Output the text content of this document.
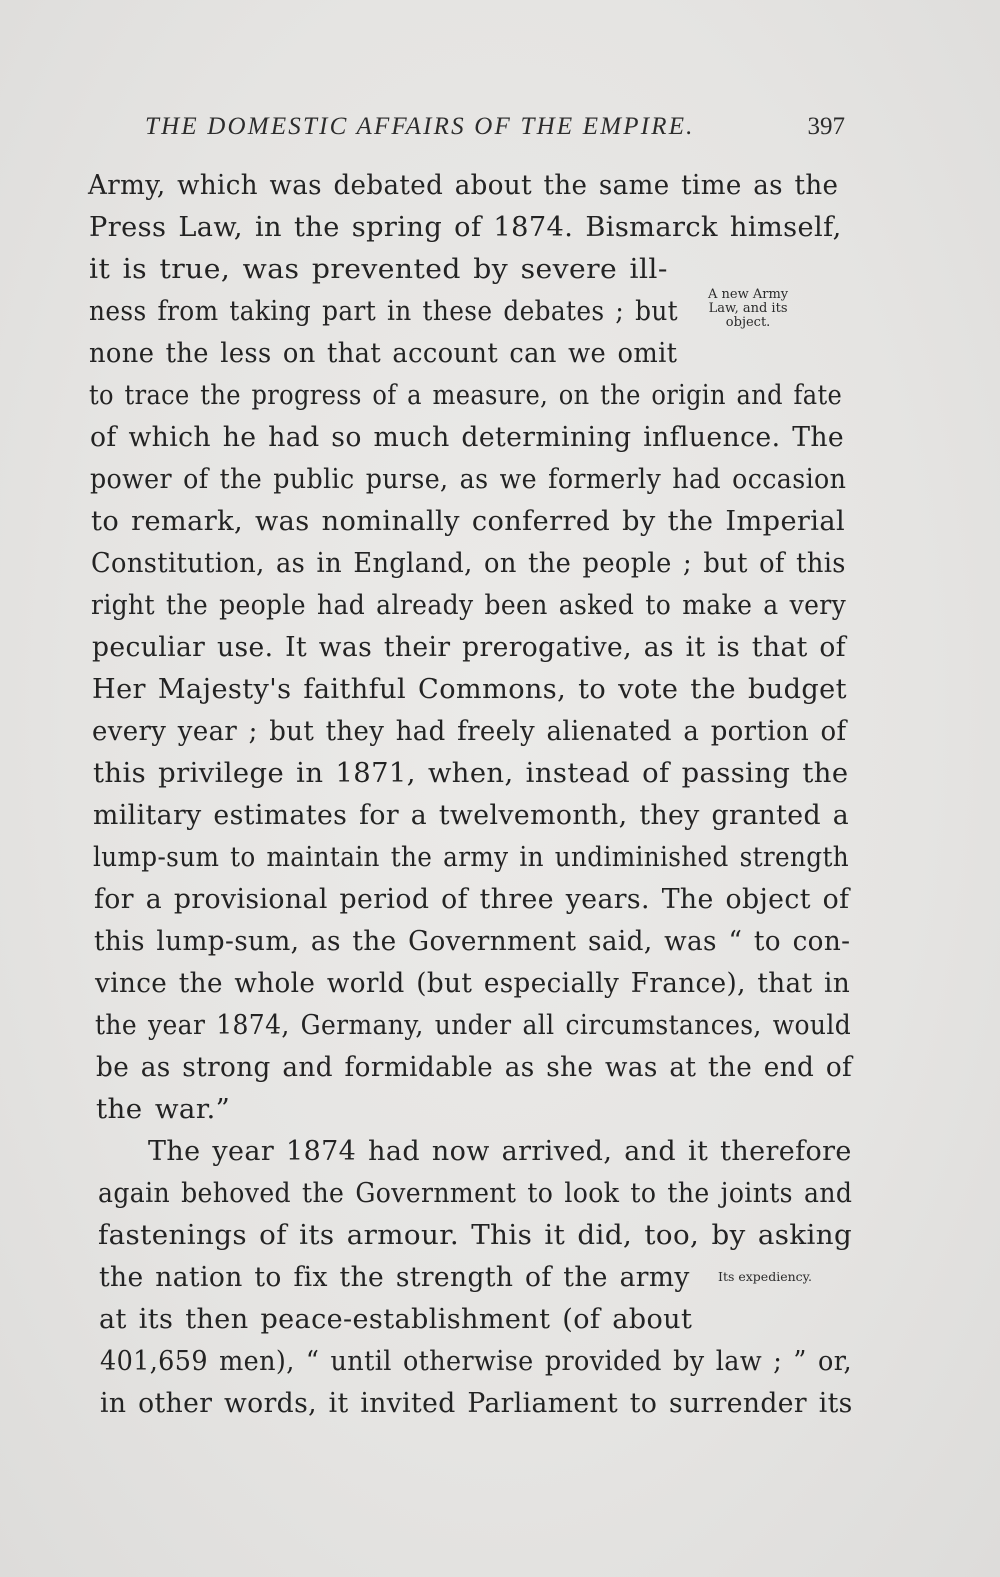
THE DOMESTIC AFFAIRS OF THE EMPIRE.	397
Army, which was debated about the same time as the
Press Law, in the spring of 1874. Bismarck himself,
it is true, was prevented by severe ill-
ness from taking part in these debates ; but
none the less on that account can we omit
to trace the progress of a measure, on the origin and fate
of which he had so much determining influence. The
power of the public purse, as we formerly had occasion
to remark, was nominally conferred by the Imperial
Constitution, as in England, on the people ; but of this
right the people had already been asked to make a very
peculiar use. It was their prerogative, as it is that of
Her Majesty's faithful Commons, to vote the budget
every year ; but they had freely alienated a portion of
this privilege in 1871, when, instead of passing the
military estimates for a twelvemonth, they granted a
lump-sum to maintain the army in undiminished strength
for a provisional period of three years. The object of
this lump-sum, as the Government said, was “ to con-
vince the whole world (but especially France), that in
the year 1874, Germany, under all circumstances, would
be as strong and formidable as she was at the end of
the war.”
The year 1874 had now arrived, and it therefore
again behoved the Government to look to the joints and
fastenings of its armour. This it did, too, by asking
the nation to fix the strength of the army
at its then peace-establishment (of about
401,659 men), “ until otherwise provided by law ; ” or,
in other words, it invited Parliament to surrender its
A new Army
Law, and its
object.
Its expediency.
